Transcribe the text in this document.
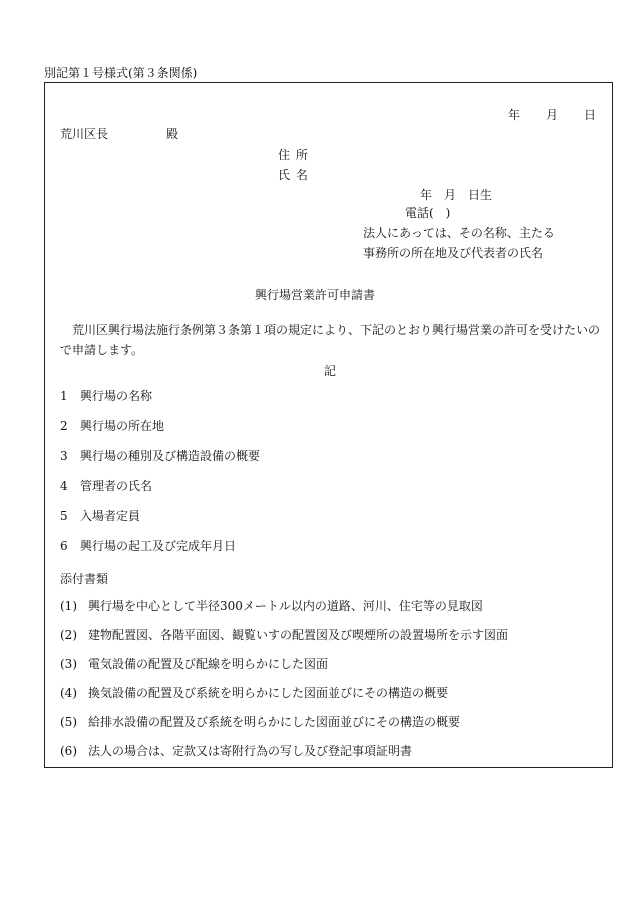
別記第１号様式(第３条関係)
年 月 日
荒川区長	殿
住 所
氏 名
年　月　日生
電話(　)
法人にあっては、その名称、主たる
事務所の所在地及び代表者の氏名
興行場営業許可申請書
　荒川区興行場法施行条例第３条第１項の規定により、下記のとおり興行場営業の許可を受けたいので申請します。
記
1 興行場の名称
2 興行場の所在地
3 興行場の種別及び構造設備の概要
4 管理者の氏名
5 入場者定員
6 興行場の起工及び完成年月日
添付書類
(1) 興行場を中心として半径300メートル以内の道路、河川、住宅等の見取図
(2) 建物配置図、各階平面図、観覧いすの配置図及び喫煙所の設置場所を示す図面
(3) 電気設備の配置及び配線を明らかにした図面
(4) 換気設備の配置及び系統を明らかにした図面並びにその構造の概要
(5) 給排水設備の配置及び系統を明らかにした図面並びにその構造の概要
(6) 法人の場合は、定款又は寄附行為の写し及び登記事項証明書
